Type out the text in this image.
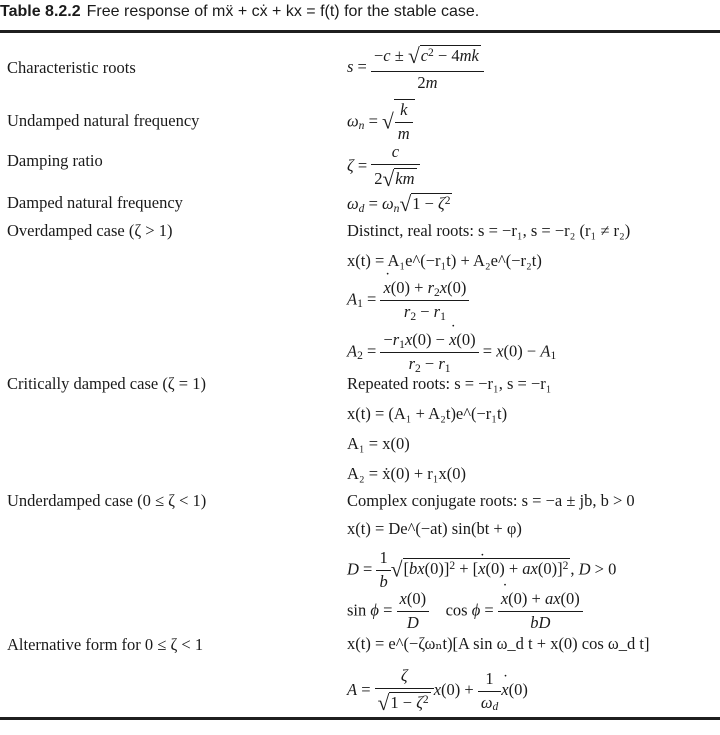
Table 8.2.2 Free response of mẍ + cẋ + kx = f(t) for the stable case.
Characteristic roots
Undamped natural frequency
Damping ratio
Damped natural frequency
Overdamped case (ζ > 1)
Critically damped case (ζ = 1)
Underdamped case (0 ≤ ζ < 1)
Alternative form for 0 ≤ ζ < 1
$s = \frac{-c \pm √c^2 - 4mk}{2m}$
$\omega_n$ = √ $\frac{k}{m}$
$\zeta = \frac{c}{2√km}$
$\omega_d = \omega_n√1 - \zeta^2$
Distinct, real roots: s = −r₁, s = −r₂ (r₁ ≠ r₂)
x(t) = A₁e^(−r₁t) + A₂e^(−r₂t)
$A_1 = \frac{x ˙(0) + r_2x(0)}{r_2 - r_1}$
$A_2 = \frac{-r_1x(0) - x ˙(0)}{r_2 - r_1} = x(0) - A_1$
Repeated roots: s = −r₁, s = −r₁
x(t) = (A₁ + A₂t)e^(−r₁t)
A₁ = x(0)
A₂ = ẋ(0) + r₁x(0)
Complex conjugate roots: s = −a ± jb, b > 0
x(t) = De^(−at) sin(bt + φ)
$D = \frac{1}{b} √[bx(0)]^2 + [x$ ˙(0) + ax(0)]$^2$ , D > 0
$\sin \phi = \frac{x(0)}{D}$ $\cos \phi = \frac{x ˙(0) + ax(0)}{bD}$
x(t) = e^(−ζωₙt)[A sin ω_d t + x(0) cos ω_d t]
$A = \frac{\zeta}{√1 - \zeta^2} x(0) + \frac{1}{\omega_d}$ x ˙(0)
